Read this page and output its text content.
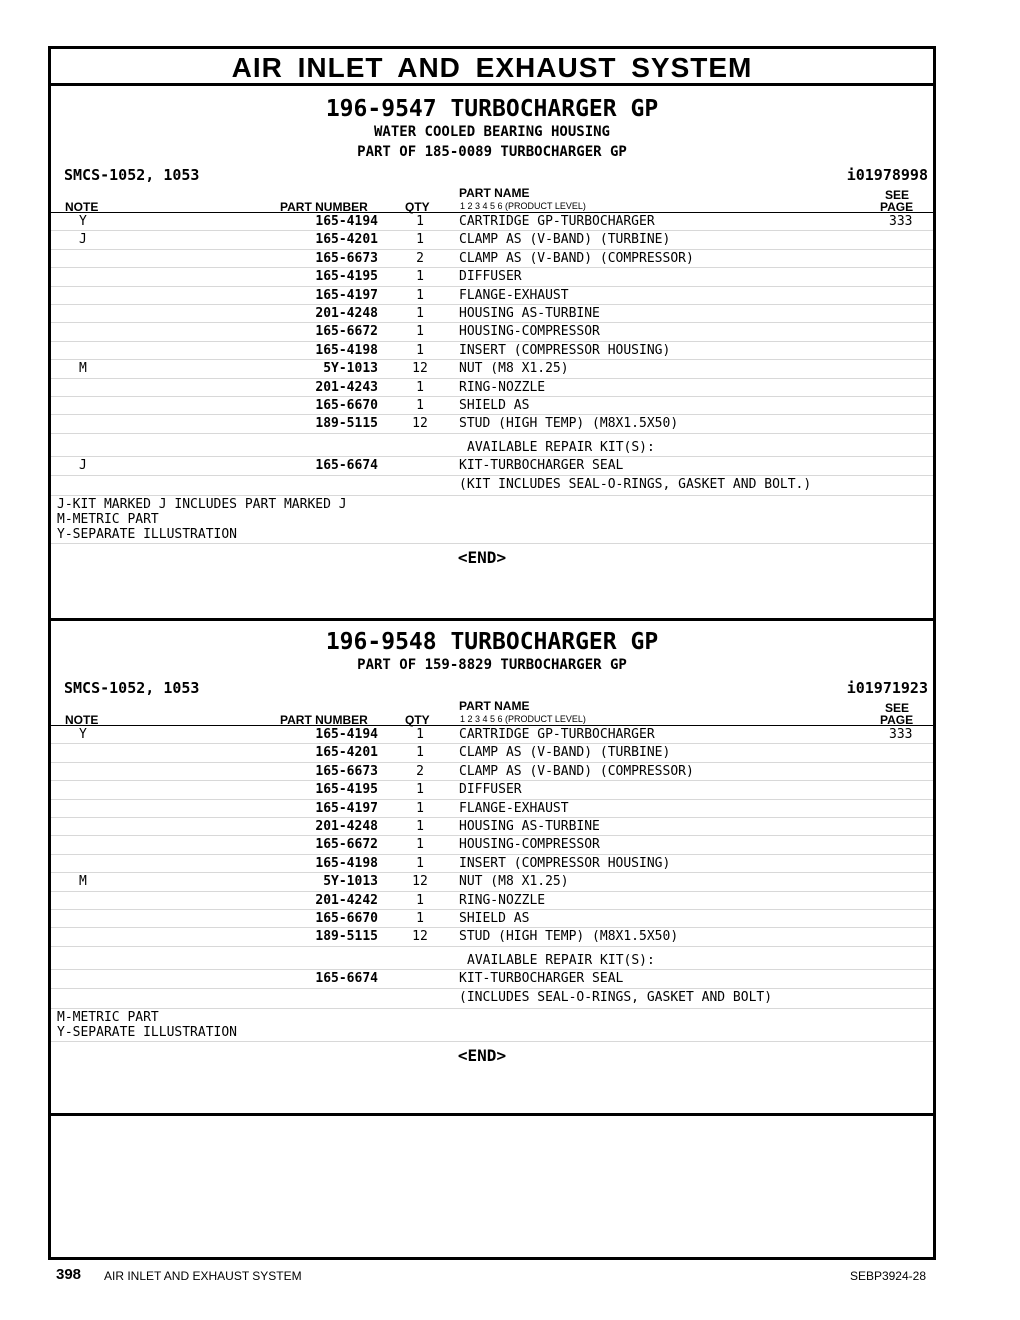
AIR INLET AND EXHAUST SYSTEM
196-9547 TURBOCHARGER GP
WATER COOLED BEARING HOUSING
PART OF 185-0089 TURBOCHARGER GP
SMCS-1052, 1053	i01978998
NOTE	PART NUMBER	QTY
PART NAME
1 2 3 4 5 6 (PRODUCT LEVEL)
SEE
PAGE
Y	165-4194	1	CARTRIDGE GP-TURBOCHARGER	333
J	165-4201	1	CLAMP AS (V-BAND) (TURBINE)
165-6673	2	CLAMP AS (V-BAND) (COMPRESSOR)
165-4195	1	DIFFUSER
165-4197	1	FLANGE-EXHAUST
201-4248	1	HOUSING AS-TURBINE
165-6672	1	HOUSING-COMPRESSOR
165-4198	1	INSERT (COMPRESSOR HOUSING)
M	5Y-1013	12	NUT (M8 X1.25)
201-4243	1	RING-NOZZLE
165-6670	1	SHIELD AS
189-5115	12	STUD (HIGH TEMP) (M8X1.5X50)
AVAILABLE REPAIR KIT(S):
J	165-6674	KIT-TURBOCHARGER SEAL
(KIT INCLUDES SEAL-O-RINGS, GASKET AND BOLT.)
J-KIT MARKED J INCLUDES PART MARKED J
M-METRIC PART
Y-SEPARATE ILLUSTRATION
<END>
196-9548 TURBOCHARGER GP
PART OF 159-8829 TURBOCHARGER GP
SMCS-1052, 1053	i01971923
NOTE	PART NUMBER	QTY
PART NAME
1 2 3 4 5 6 (PRODUCT LEVEL)
SEE
PAGE
Y	165-4194	1	CARTRIDGE GP-TURBOCHARGER	333
165-4201	1	CLAMP AS (V-BAND) (TURBINE)
165-6673	2	CLAMP AS (V-BAND) (COMPRESSOR)
165-4195	1	DIFFUSER
165-4197	1	FLANGE-EXHAUST
201-4248	1	HOUSING AS-TURBINE
165-6672	1	HOUSING-COMPRESSOR
165-4198	1	INSERT (COMPRESSOR HOUSING)
M	5Y-1013	12	NUT (M8 X1.25)
201-4242	1	RING-NOZZLE
165-6670	1	SHIELD AS
189-5115	12	STUD (HIGH TEMP) (M8X1.5X50)
AVAILABLE REPAIR KIT(S):
165-6674	KIT-TURBOCHARGER SEAL
(INCLUDES SEAL-O-RINGS, GASKET AND BOLT)
M-METRIC PART
Y-SEPARATE ILLUSTRATION
<END>
398 AIR INLET AND EXHAUST SYSTEM	SEBP3924-28
